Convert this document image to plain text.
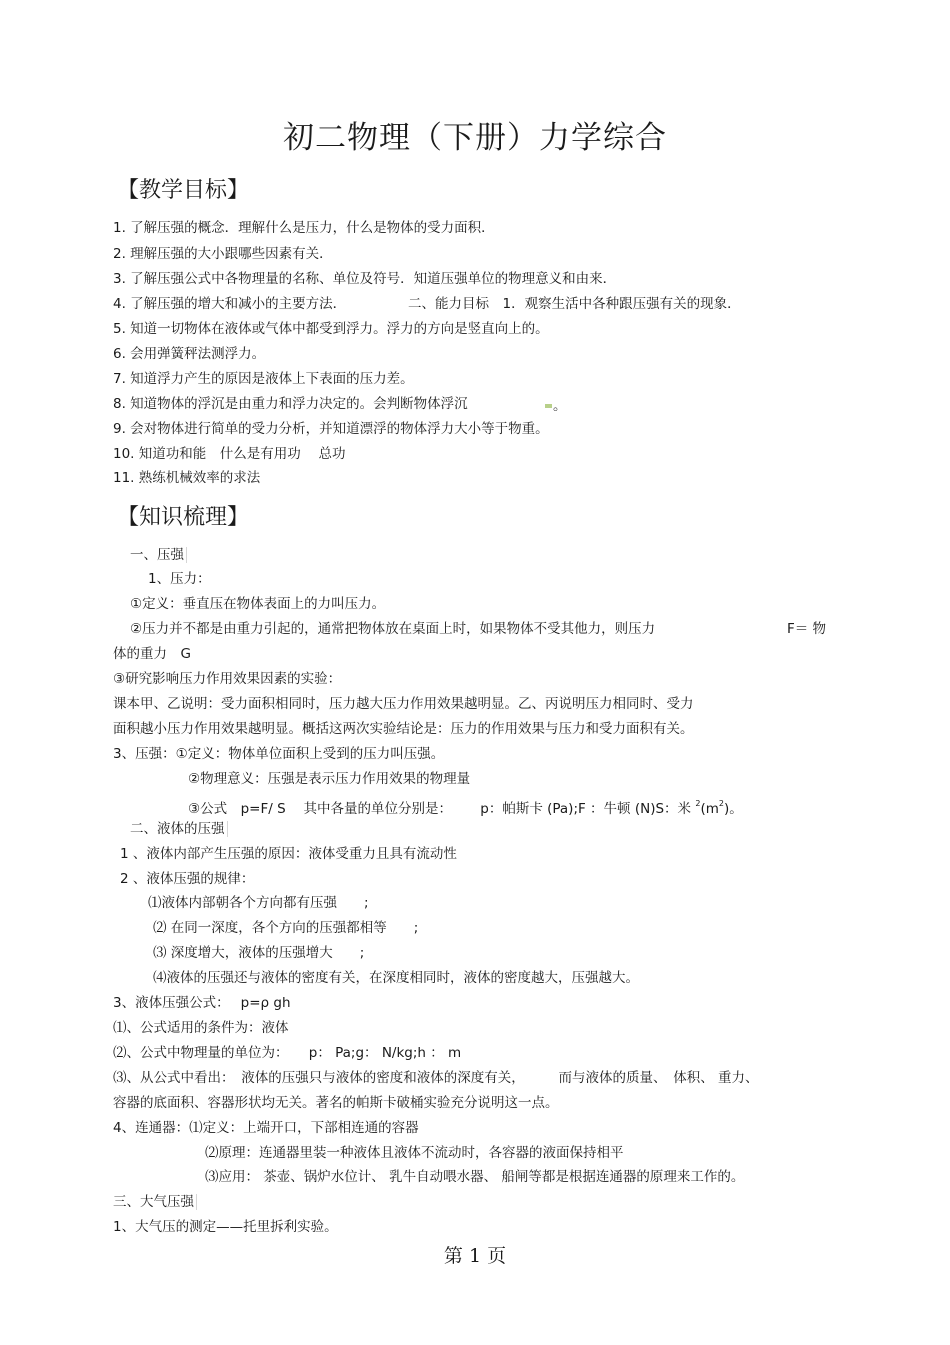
初二物理（下册）力学综合
【教学目标】
1. 了解压强的概念．理解什么是压力，什么是物体的受力面积．
2. 理解压强的大小跟哪些因素有关．
3. 了解压强公式中各物理量的名称、单位及符号．知道压强单位的物理意义和由来．
4. 了解压强的增大和减小的主要方法．	二、能力目标　1．观察生活中各种跟压强有关的现象．
5. 知道一切物体在液体或气体中都受到浮力。浮力的方向是竖直向上的。
6. 会用弹簧秤法测浮力。
7. 知道浮力产生的原因是液体上下表面的压力差。
8. 知道物体的浮沉是由重力和浮力决定的。会判断物体浮沉	。
9. 会对物体进行简单的受力分析，并知道漂浮的物体浮力大小等于物重。
10. 知道功和能　什么是有用功　 总功
11. 熟练机械效率的求法
【知识梳理】
一、压强
1、压力：
①定义：垂直压在物体表面上的力叫压力。
②压力并不都是由重力引起的，通常把物体放在桌面上时，如果物体不受其他力，则压力	F＝ 物
体的重力　G
③研究影响压力作用效果因素的实验：
课本甲、乙说明：受力面积相同时，压力越大压力作用效果越明显。乙、丙说明压力相同时、受力
面积越小压力作用效果越明显。概括这两次实验结论是：压力的作用效果与压力和受力面积有关。
3、压强：①定义：物体单位面积上受到的压力叫压强。
②物理意义：压强是表示压力作用效果的物理量
③公式　p=F/ S　 其中各量的单位分别是： p：帕斯卡 (Pa);F ：牛顿 (N)S：米 $^2(m^2)$。
二、液体的压强
1 、液体内部产生压强的原因：液体受重力且具有流动性
2 、液体压强的规律：
⑴液体内部朝各个方向都有压强　　;
⑵ 在同一深度，各个方向的压强都相等　　;
⑶ 深度增大，液体的压强增大　　;
⑷液体的压强还与液体的密度有关，在深度相同时，液体的密度越大，压强越大。
3、液体压强公式：　 p=ρ gh
⑴、公式适用的条件为：液体
⑵、公式中物理量的单位为：　　p： Pa;g： N/kg;h ： m
⑶、从公式中看出：　液体的压强只与液体的密度和液体的深度有关，　　　而与液体的质量、　体积、 重力、
容器的底面积、容器形状均无关。著名的帕斯卡破桶实验充分说明这一点。
4、连通器：⑴定义：上端开口，下部相连通的容器
⑵原理：连通器里装一种液体且液体不流动时，各容器的液面保持相平
⑶应用： 茶壶、锅炉水位计、 乳牛自动喂水器、 船闸等都是根据连通器的原理来工作的。
三、大气压强
1、大气压的测定——托里拆利实验。
第 1 页
